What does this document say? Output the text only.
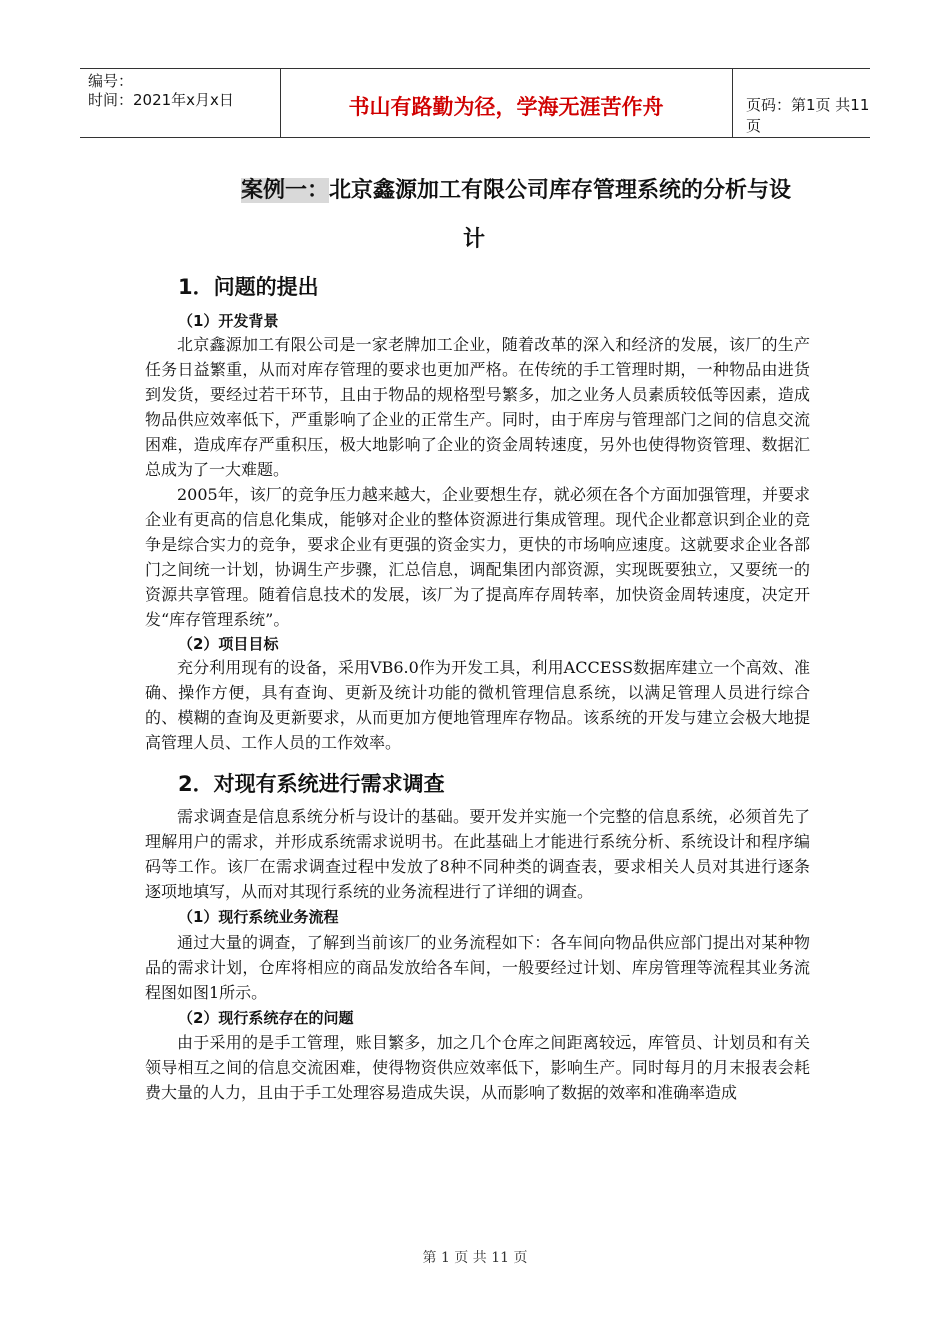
编号：
时间：2021年x月x日	书山有路勤为径，学海无涯苦作舟	页码：第1页 共11页
案例一：北京鑫源加工有限公司库存管理系统的分析与设
计
1．问题的提出
（1）开发背景

北京鑫源加工有限公司是一家老牌加工企业，随着改革的深入和经济的发展，该厂的生产任务日益繁重，从而对库存管理的要求也更加严格。在传统的手工管理时期，一种物品由进货到发货，要经过若干环节，且由于物品的规格型号繁多，加之业务人员素质较低等因素，造成物品供应效率低下，严重影响了企业的正常生产。同时，由于库房与管理部门之间的信息交流困难，造成库存严重积压，极大地影响了企业的资金周转速度，另外也使得物资管理、数据汇总成为了一大难题。

2005年，该厂的竞争压力越来越大，企业要想生存，就必须在各个方面加强管理，并要求企业有更高的信息化集成，能够对企业的整体资源进行集成管理。现代企业都意识到企业的竞争是综合实力的竞争，要求企业有更强的资金实力，更快的市场响应速度。这就要求企业各部门之间统一计划，协调生产步骤，汇总信息，调配集团内部资源，实现既要独立，又要统一的资源共享管理。随着信息技术的发展，该厂为了提高库存周转率，加快资金周转速度，决定开发“库存管理系统”。

（2）项目目标

充分利用现有的设备，采用VB6.0作为开发工具，利用ACCESS数据库建立一个高效、准确、操作方便，具有查询、更新及统计功能的微机管理信息系统，以满足管理人员进行综合的、模糊的查询及更新要求，从而更加方便地管理库存物品。该系统的开发与建立会极大地提高管理人员、工作人员的工作效率。

2．对现有系统进行需求调查

需求调查是信息系统分析与设计的基础。要开发并实施一个完整的信息系统，必须首先了理解用户的需求，并形成系统需求说明书。在此基础上才能进行系统分析、系统设计和程序编码等工作。该厂在需求调查过程中发放了8种不同种类的调查表，要求相关人员对其进行逐条逐项地填写，从而对其现行系统的业务流程进行了详细的调查。

（1）现行系统业务流程

通过大量的调查，了解到当前该厂的业务流程如下：各车间向物品供应部门提出对某种物品的需求计划，仓库将相应的商品发放给各车间，一般要经过计划、库房管理等流程其业务流程图如图1所示。

（2）现行系统存在的问题

由于采用的是手工管理，账目繁多，加之几个仓库之间距离较远，库管员、计划员和有关领导相互之间的信息交流困难，使得物资供应效率低下，影响生产。同时每月的月末报表会耗费大量的人力，且由于手工处理容易造成失误，从而影响了数据的效率和准确率造成

第 1 页 共 11 页
